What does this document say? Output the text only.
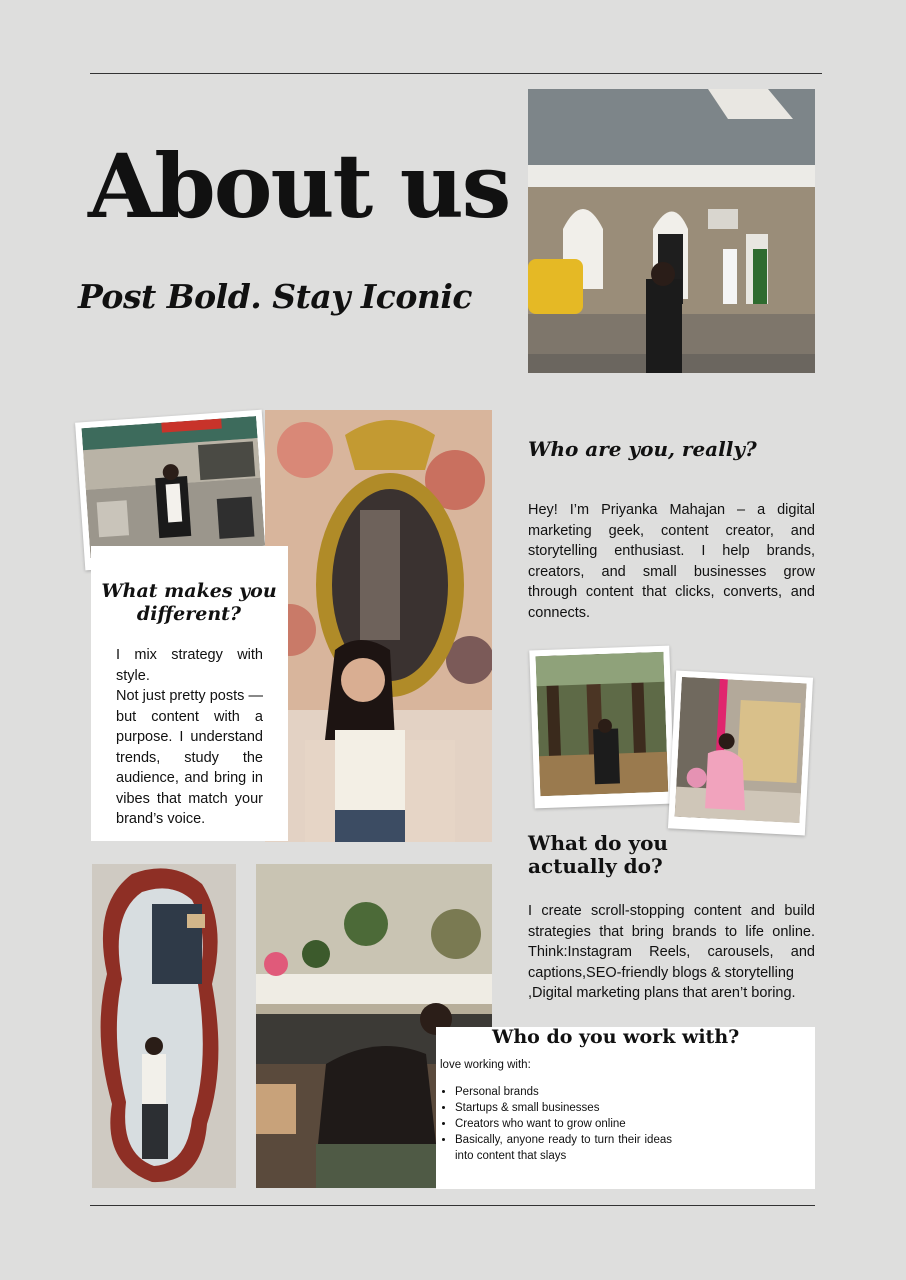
About us
Post Bold. Stay Iconic
Who are you, really?

Hey! I’m Priyanka Mahajan – a digital marketing geek, content creator, and storytelling enthusiast. I help brands, creators, and small businesses grow through content that clicks, converts, and connects.

What makes you different?

I mix strategy with style.

Not just pretty posts — but content with a purpose. I understand trends, study the audience, and bring in vibes that match your brand’s voice.

What do you
actually do?

I create scroll-stopping content and build strategies that bring brands to life online. Think:Instagram Reels, carousels, and captions,SEO-friendly blogs & storytelling

,Digital marketing plans that aren’t boring.

Who do you work with?

love working with:

• Personal brands
• Startups & small businesses
• Creators who want to grow online
• Basically, anyone ready to turn their ideas into content that slays
